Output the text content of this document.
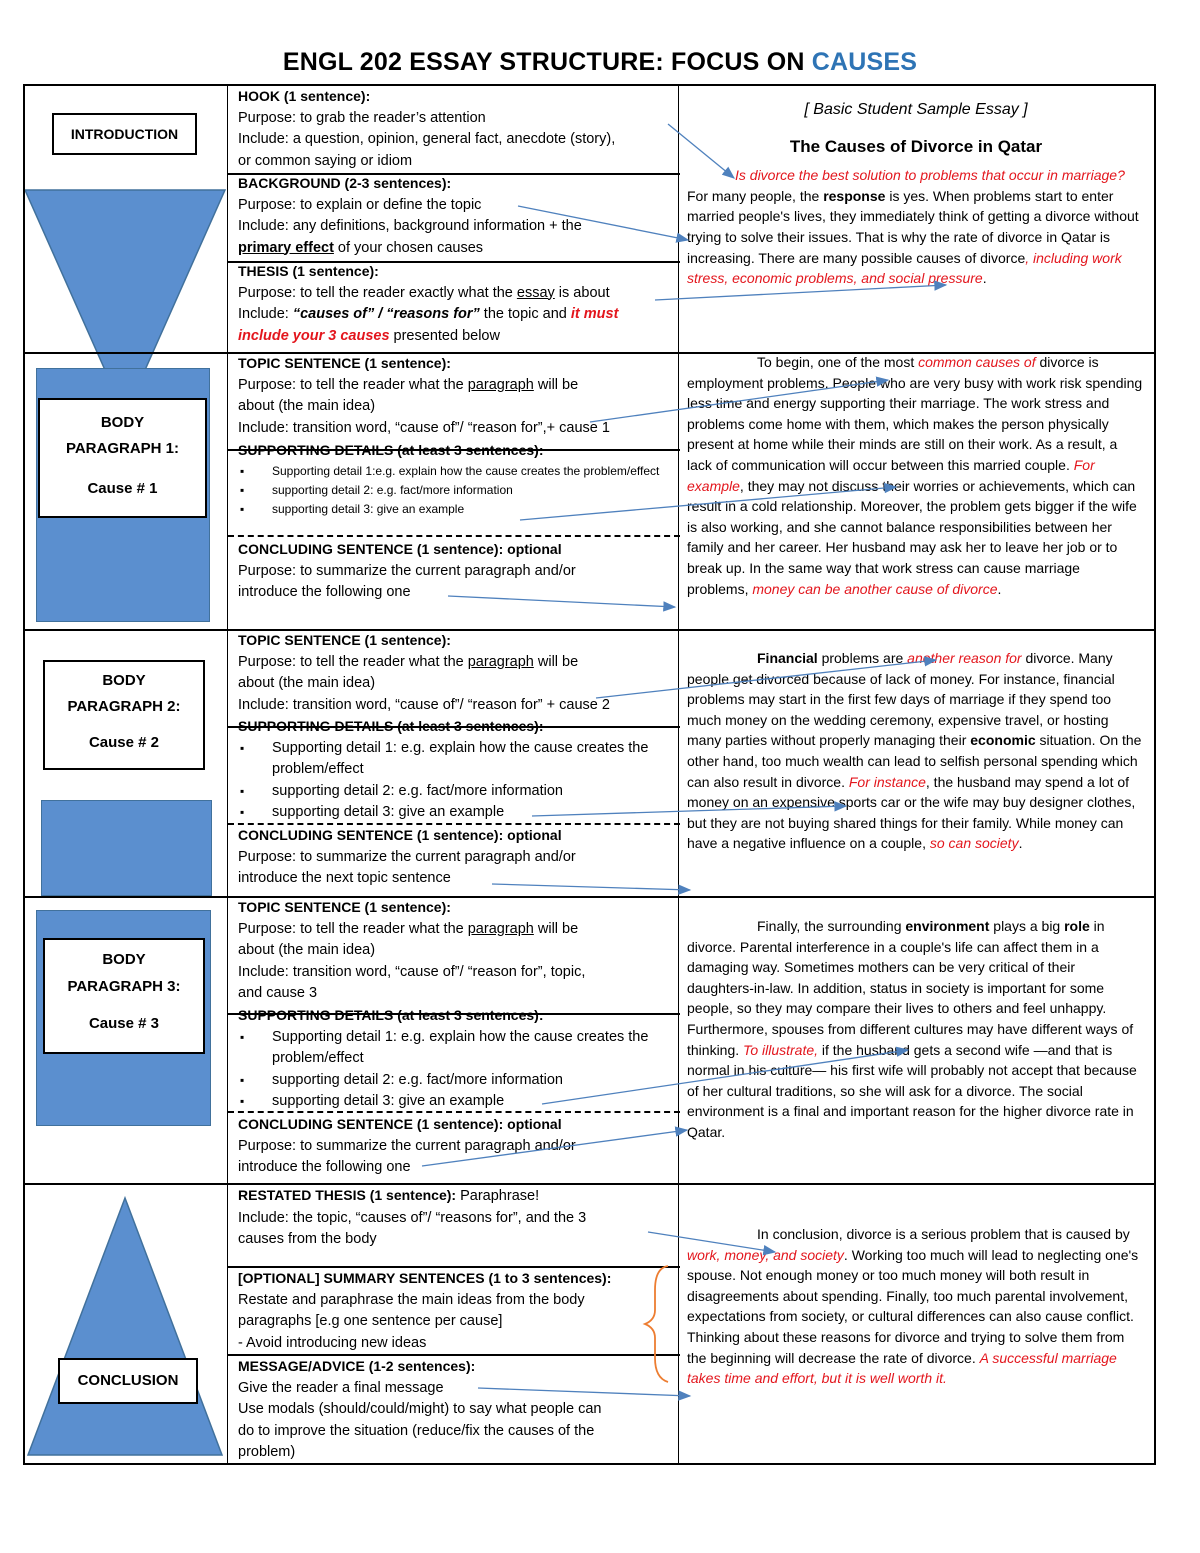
ENGL 202 ESSAY STRUCTURE: FOCUS ON CAUSES
INTRODUCTION
BODY
PARAGRAPH 1:
Cause # 1
BODY
PARAGRAPH 2:
Cause # 2
BODY
PARAGRAPH 3:
Cause # 3
CONCLUSION
HOOK (1 sentence):
Purpose: to grab the reader’s attention
Include: a question, opinion, general fact, anecdote (story),
or common saying or idiom
BACKGROUND (2-3 sentences):
Purpose: to explain or define the topic
Include: any definitions, background information + the
primary effect of your chosen causes
THESIS (1 sentence):
Purpose: to tell the reader exactly what the essay is about
Include: “causes of” / “reasons for” the topic and it must
include your 3 causes presented below
TOPIC SENTENCE (1 sentence):
Purpose: to tell the reader what the paragraph will be
about (the main idea)
Include: transition word, “cause of”/ “reason for”,+ cause 1
SUPPORTING DETAILS (at least 3 sentences):
▪ Supporting detail 1:e.g. explain how the cause creates the problem/effect
▪ supporting detail 2: e.g. fact/more information
▪ supporting detail 3: give an example
CONCLUDING SENTENCE (1 sentence): optional
Purpose: to summarize the current paragraph and/or
introduce the following one
TOPIC SENTENCE (1 sentence):
Purpose: to tell the reader what the paragraph will be
about (the main idea)
Include: transition word, “cause of”/ “reason for” + cause 2
SUPPORTING DETAILS (at least 3 sentences):
▪ Supporting detail 1: e.g. explain how the cause creates the problem/effect
▪ supporting detail 2: e.g. fact/more information
▪ supporting detail 3: give an example
CONCLUDING SENTENCE (1 sentence): optional
Purpose: to summarize the current paragraph and/or
introduce the next topic sentence
TOPIC SENTENCE (1 sentence):
Purpose: to tell the reader what the paragraph will be
about (the main idea)
Include: transition word, “cause of”/ “reason for”, topic,
and cause 3
SUPPORTING DETAILS (at least 3 sentences):
▪ Supporting detail 1: e.g. explain how the cause creates the problem/effect
▪ supporting detail 2: e.g. fact/more information
▪ supporting detail 3: give an example
CONCLUDING SENTENCE (1 sentence): optional
Purpose: to summarize the current paragraph and/or
introduce the following one
RESTATED THESIS (1 sentence): Paraphrase!
Include: the topic, “causes of”/ “reasons for”, and the 3
causes from the body
[OPTIONAL] SUMMARY SENTENCES (1 to 3 sentences):
Restate and paraphrase the main ideas from the body
paragraphs [e.g one sentence per cause]
- Avoid introducing new ideas
MESSAGE/ADVICE (1-2 sentences):
Give the reader a final message
Use modals (should/could/might) to say what people can
do to improve the situation (reduce/fix the causes of the
problem)
[ Basic Student Sample Essay ]
The Causes of Divorce in Qatar
Is divorce the best solution to problems that occur in marriage? For many people, the response is yes. When problems start to enter married people's lives, they immediately think of getting a divorce without trying to solve their issues. That is why the rate of divorce in Qatar is increasing. There are many possible causes of divorce, including work stress, economic problems, and social pressure.
To begin, one of the most common causes of divorce is employment problems. People who are very busy with work risk spending less time and energy supporting their marriage. The work stress and problems come home with them, which makes the person physically present at home while their minds are still on their work. As a result, a lack of communication will occur between this married couple. For example, they may not discuss their worries or achievements, which can result in a cold relationship. Moreover, the problem gets bigger if the wife is also working, and she cannot balance responsibilities between her family and her career. Her husband may ask her to leave her job or to break up. In the same way that work stress can cause marriage problems, money can be another cause of divorce.
Financial problems are another reason for divorce. Many people get divorced because of lack of money. For instance, financial problems may start in the first few days of marriage if they spend too much money on the wedding ceremony, expensive travel, or hosting many parties without properly managing their economic situation. On the other hand, too much wealth can lead to selfish personal spending which can also result in divorce. For instance, the husband may spend a lot of money on an expensive sports car or the wife may buy designer clothes, but they are not buying shared things for their family. While money can have a negative influence on a couple, so can society.
Finally, the surrounding environment plays a big role in divorce. Parental interference in a couple's life can affect them in a damaging way. Sometimes mothers can be very critical of their daughters-in-law. In addition, status in society is important for some people, so they may compare their lives to others and feel unhappy. Furthermore, spouses from different cultures may have different ways of thinking. To illustrate, if the husband gets a second wife —and that is normal in his culture— his first wife will probably not accept that because of her cultural traditions, so she will ask for a divorce. The social environment is a final and important reason for the higher divorce rate in Qatar.
In conclusion, divorce is a serious problem that is caused by work, money, and society. Working too much will lead to neglecting one's spouse. Not enough money or too much money will both result in disagreements about spending. Finally, too much parental involvement, expectations from society, or cultural differences can also cause conflict. Thinking about these reasons for divorce and trying to solve them from the beginning will decrease the rate of divorce. A successful marriage takes time and effort, but it is well worth it.
